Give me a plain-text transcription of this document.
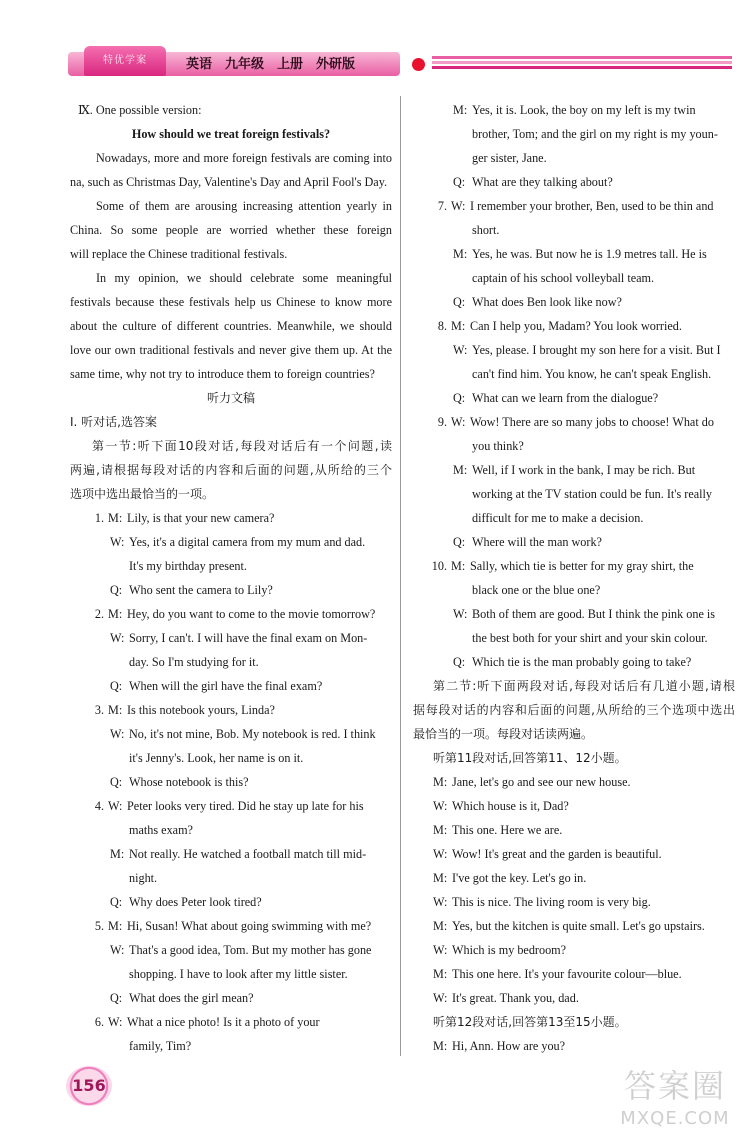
特优学案	英语　九年级　上册　外研版
Ⅸ. One possible version:
How should we treat foreign festivals?
Nowadays, more and more foreign festivals are coming into
na, such as Christmas Day, Valentine's Day and April Fool's Day.
Some of them are arousing increasing attention yearly in
China. So some people are worried whether these foreign
will replace the Chinese traditional festivals.
In my opinion, we should celebrate some meaningful
festivals because these festivals help us Chinese to know more
about the culture of different countries. Meanwhile, we should
love our own traditional festivals and never give them up. At the
same time, why not try to introduce them to foreign countries?
听力文稿
Ⅰ. 听对话,选答案
第一节:听下面10段对话,每段对话后有一个问题,读
两遍,请根据每段对话的内容和后面的问题,从所给的三个
选项中选出最恰当的一项。
1. M: Lily, is that your new camera?
W: Yes, it's a digital camera from my mum and dad.
It's my birthday present.
Q: Who sent the camera to Lily?
2. M: Hey, do you want to come to the movie tomorrow?
W: Sorry, I can't. I will have the final exam on Mon-
day. So I'm studying for it.
Q: When will the girl have the final exam?
3. M: Is this notebook yours, Linda?
W: No, it's not mine, Bob. My notebook is red. I think
it's Jenny's. Look, her name is on it.
Q: Whose notebook is this?
4. W: Peter looks very tired. Did he stay up late for his
maths exam?
M: Not really. He watched a football match till mid-
night.
Q: Why does Peter look tired?
5. M: Hi, Susan! What about going swimming with me?
W: That's a good idea, Tom. But my mother has gone
shopping. I have to look after my little sister.
Q: What does the girl mean?
6. W: What a nice photo! Is it a photo of your
family, Tim?
M: Yes, it is. Look, the boy on my left is my twin
brother, Tom; and the girl on my right is my youn-
ger sister, Jane.
Q: What are they talking about?
7. W: I remember your brother, Ben, used to be thin and
short.
M: Yes, he was. But now he is 1.9 metres tall. He is
captain of his school volleyball team.
Q: What does Ben look like now?
8. M: Can I help you, Madam? You look worried.
W: Yes, please. I brought my son here for a visit. But I
can't find him. You know, he can't speak English.
Q: What can we learn from the dialogue?
9. W: Wow! There are so many jobs to choose! What do
you think?
M: Well, if I work in the bank, I may be rich. But
working at the TV station could be fun. It's really
difficult for me to make a decision.
Q: Where will the man work?
10. M: Sally, which tie is better for my gray shirt, the
black one or the blue one?
W: Both of them are good. But I think the pink one is
the best both for your shirt and your skin colour.
Q: Which tie is the man probably going to take?
第二节:听下面两段对话,每段对话后有几道小题,请根
据每段对话的内容和后面的问题,从所给的三个选项中选出
最恰当的一项。每段对话读两遍。
听第11段对话,回答第11、12小题。
M: Jane, let's go and see our new house.
W: Which house is it, Dad?
M: This one. Here we are.
W: Wow! It's great and the garden is beautiful.
M: I've got the key. Let's go in.
W: This is nice. The living room is very big.
M: Yes, but the kitchen is quite small. Let's go upstairs.
W: Which is my bedroom?
M: This one here. It's your favourite colour—blue.
W: It's great. Thank you, dad.
听第12段对话,回答第13至15小题。
M: Hi, Ann. How are you?
156	答案圈
MXQE.COM
